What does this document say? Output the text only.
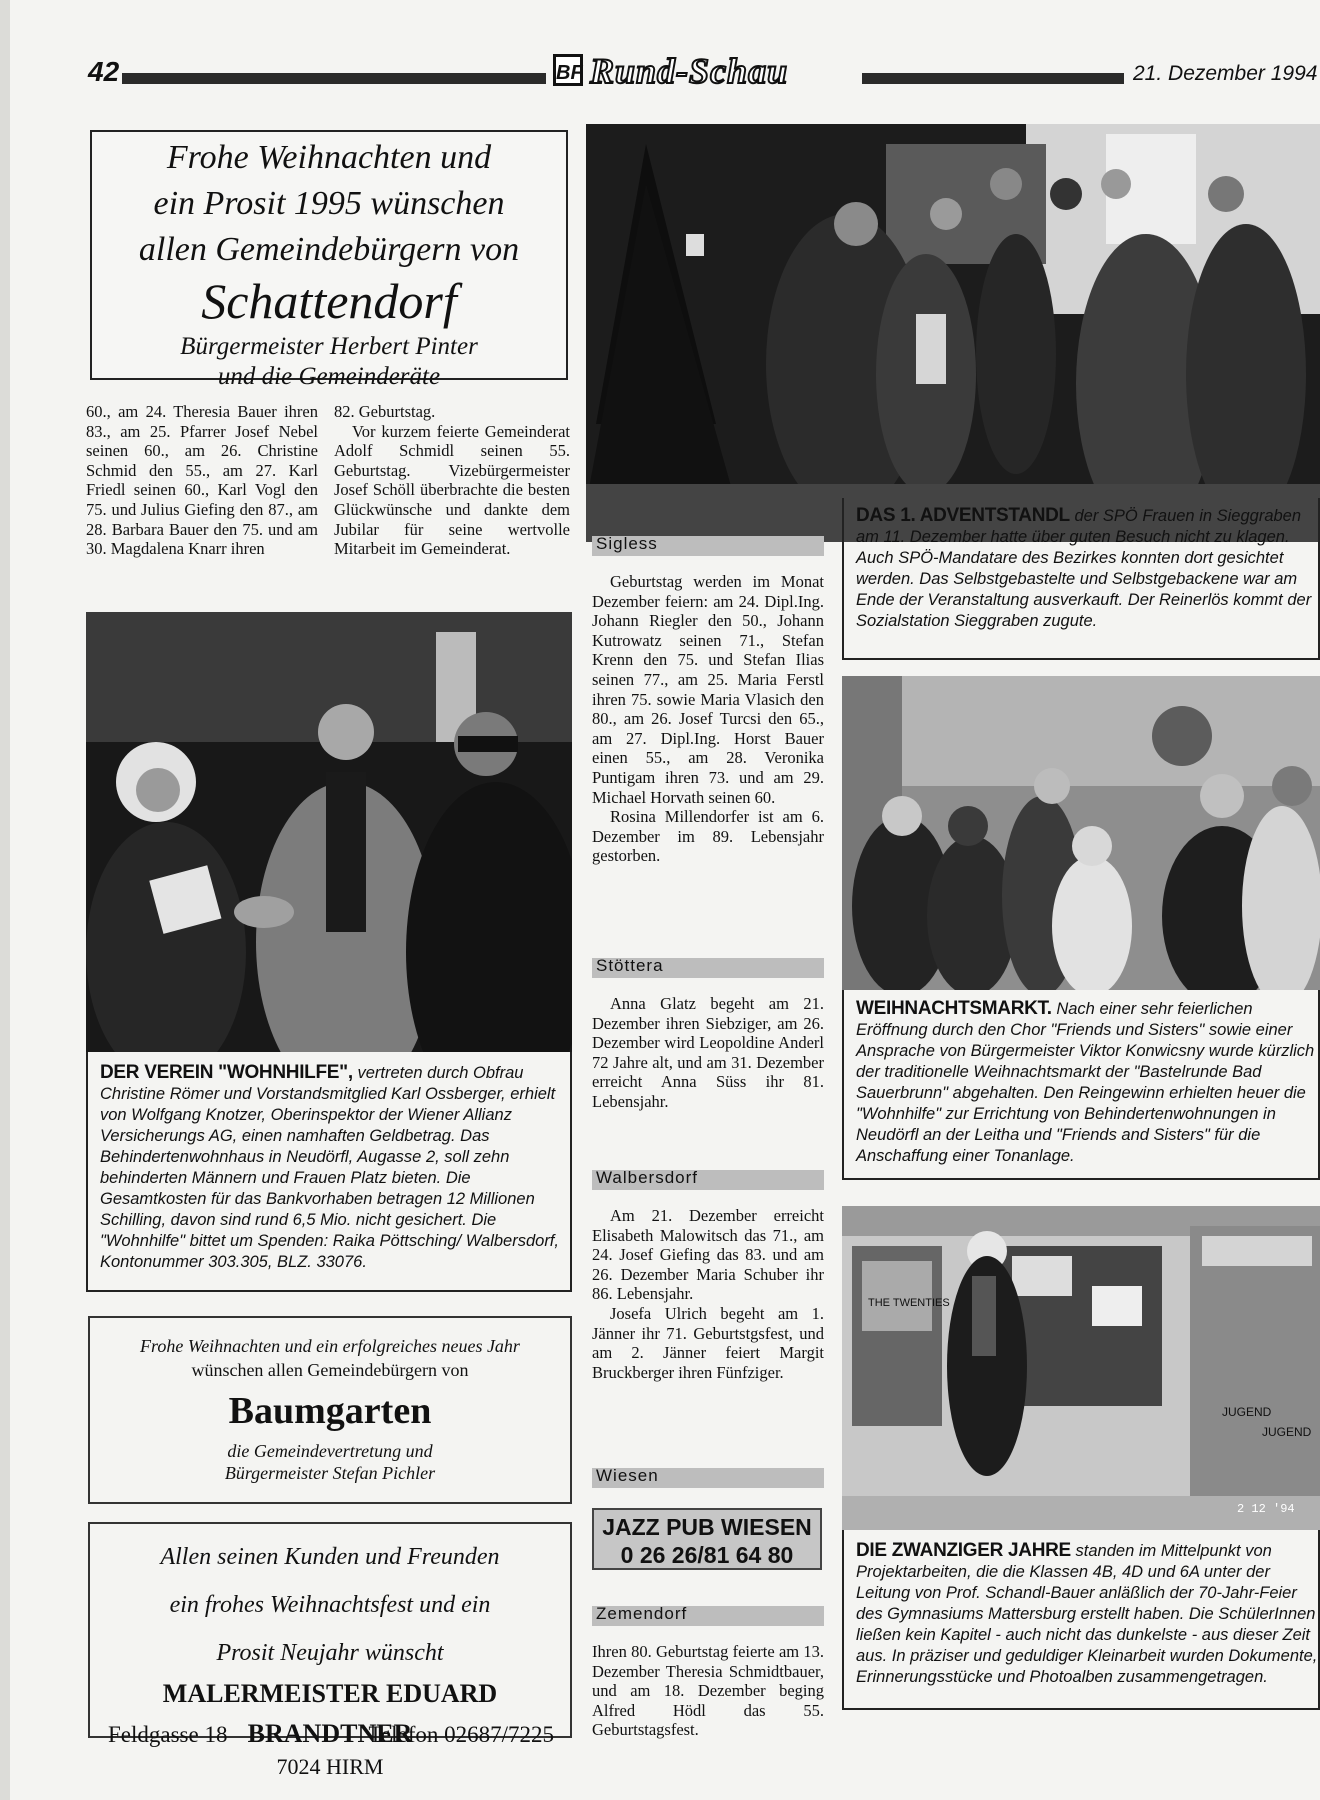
42	BF Rund-Schau	21. Dezember 1994
Frohe Weihnachten und
ein Prosit 1995 wünschen
allen Gemeindebürgern von
Schattendorf
Bürgermeister Herbert Pinter
und die Gemeinderäte

60., am 24. Theresia Bauer ihren 83., am 25. Pfarrer Josef Nebel seinen 60., am 26. Christine Schmid den 55., am 27. Karl Friedl seinen 60., Karl Vogl den 75. und Julius Giefing den 87., am 28. Barbara Bauer den 75. und am 30. Magdalena Knarr ihren

82. Geburtstag.

Vor kurzem feierte Gemeinderat Adolf Schmidl seinen 55. Geburtstag. Vizebürgermeister Josef Schöll überbrachte die besten Glückwünsche und dankte dem Jubilar für seine wertvolle Mitarbeit im Gemeinderat.

DAS 1. ADVENTSTANDL der SPÖ Frauen in Sieggraben am 11. Dezember hatte über guten Besuch nicht zu klagen. Auch SPÖ-Mandatare des Bezirkes konnten dort gesichtet werden. Das Selbstgebastelte und Selbstgebackene war am Ende der Veranstaltung ausverkauft. Der Reinerlös kommt der Sozialstation Sieggraben zugute.
DER VEREIN "WOHNHILFE", vertreten durch Obfrau Christine Römer und Vorstandsmitglied Karl Ossberger, erhielt von Wolfgang Knotzer, Oberinspektor der Wiener Allianz Versicherungs AG, einen namhaften Geldbetrag. Das Behindertenwohnhaus in Neudörfl, Augasse 2, soll zehn behinderten Männern und Frauen Platz bieten. Die Gesamtkosten für das Bankvorhaben betragen 12 Millionen Schilling, davon sind rund 6,5 Mio. nicht gesichert. Die "Wohnhilfe" bittet um Spenden: Raika Pöttsching/ Walbersdorf, Kontonummer 303.305, BLZ. 33076.
Sigless

Geburtstag werden im Monat Dezember feiern: am 24. Dipl.Ing. Johann Riegler den 50., Johann Kutrowatz seinen 71., Stefan Krenn den 75. und Stefan Ilias seinen 77., am 25. Maria Ferstl ihren 75. sowie Maria Vlasich den 80., am 26. Josef Turcsi den 65., am 27. Dipl.Ing. Horst Bauer einen 55., am 28. Veronika Puntigam ihren 73. und am 29. Michael Horvath seinen 60.

Rosina Millendorfer ist am 6. Dezember im 89. Lebensjahr gestorben.

Stöttera

Anna Glatz begeht am 21. Dezember ihren Siebziger, am 26. Dezember wird Leopoldine Anderl 72 Jahre alt, und am 31. Dezember erreicht Anna Süss ihr 81. Lebensjahr.

Walbersdorf

Am 21. Dezember erreicht Elisabeth Malowitsch das 71., am 24. Josef Giefing das 83. und am 26. Dezember Maria Schuber ihr 86. Lebensjahr.

Josefa Ulrich begeht am 1. Jänner ihr 71. Geburtstgsfest, und am 2. Jänner feiert Margit Bruckberger ihren Fünfziger.

Wiesen
JAZZ PUB WIESEN
0 26 26/81 64 80
Zemendorf

Ihren 80. Geburtstag feierte am 13. Dezember Theresia Schmidtbauer, und am 18. Dezember beging Alfred Hödl das 55. Geburtstagsfest.

WEIHNACHTSMARKT. Nach einer sehr feierlichen Eröffnung durch den Chor "Friends und Sisters" sowie einer Ansprache von Bürgermeister Viktor Konwicsny wurde kürzlich der traditionelle Weihnachtsmarkt der "Bastelrunde Bad Sauerbrunn" abgehalten. Den Reingewinn erhielten heuer die "Wohnhilfe" zur Errichtung von Behindertenwohnungen in Neudörfl an der Leitha und "Friends and Sisters" für die Anschaffung einer Tonanlage.
THE TWENTIES
JUGEND
JUGEND
2 12 '94
DIE ZWANZIGER JAHRE standen im Mittelpunkt von Projektarbeiten, die die Klassen 4B, 4D und 6A unter der Leitung von Prof. Schandl-Bauer anläßlich der 70-Jahr-Feier des Gymnasiums Mattersburg erstellt haben. Die SchülerInnen ließen kein Kapitel - auch nicht das dunkelste - aus dieser Zeit aus. In präziser und geduldiger Kleinarbeit wurden Dokumente, Erinnerungsstücke und Photoalben zusammengetragen.
Frohe Weihnachten und ein erfolgreiches neues Jahr
wünschen allen Gemeindebürgern von
Baumgarten
die Gemeindevertretung und
Bürgermeister Stefan Pichler
Allen seinen Kunden und Freunden
ein frohes Weihnachtsfest und ein
Prosit Neujahr wünscht
MALERMEISTER EDUARD BRANDTNER
7024 HIRM
Feldgasse 18	Telefon 02687/7225
